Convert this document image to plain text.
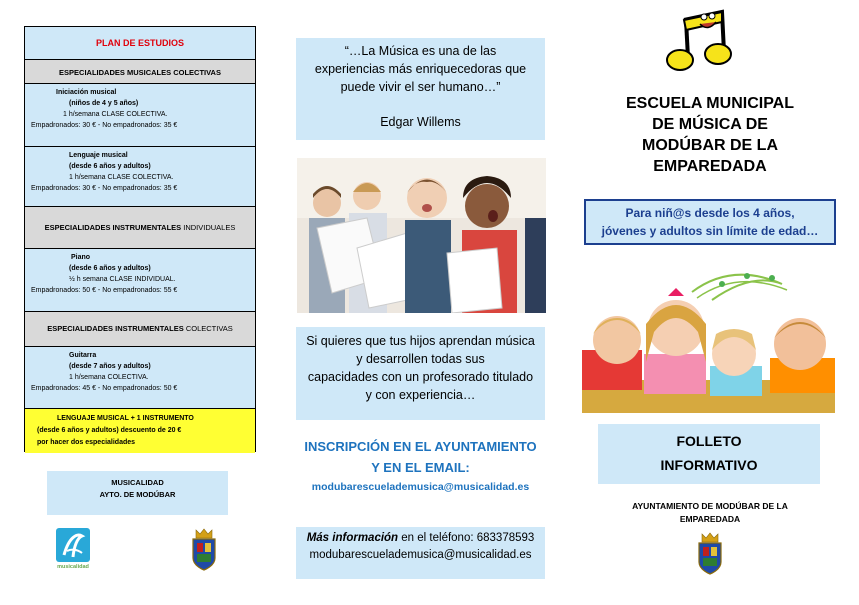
PLAN DE ESTUDIOS
ESPECIALIDADES MUSICALES COLECTIVAS
Iniciación musical
(niños de 4 y 5 años)
1 h/semana CLASE COLECTIVA.
Empadronados: 30 € - No empadronados: 35 €
Lenguaje musical
(desde 6 años y adultos)
1 h/semana CLASE COLECTIVA.
Empadronados: 30 € - No empadronados: 35 €
ESPECIALIDADES INSTRUMENTALES INDIVIDUALES
Piano
(desde 6 años y adultos)
½ h semana CLASE INDIVIDUAL.
Empadronados: 50 € - No empadronados: 55 €
ESPECIALIDADES INSTRUMENTALES COLECTIVAS
Guitarra
(desde 7 años y adultos)
1 h/semana COLECTIVA.
Empadronados: 45 € - No empadronados: 50 €
LENGUAJE MUSICAL + 1 INSTRUMENTO
(desde 6 años y adultos) descuento de 20 €
por hacer dos especialidades
MUSICALIDAD
AYTO. DE MODÚBAR
musicalidad
“…La Música es una de las
experiencias más enriquecedoras que
puede vivir el ser humano…”
Edgar Willems
Si quieres que tus hijos aprendan música
y desarrollen todas sus
capacidades con un profesorado titulado
y con experiencia…
INSCRIPCIÓN EN EL AYUNTAMIENTO
Y EN EL EMAIL:
modubarescuelademusica@musicalidad.es
Más información en el teléfono: 683378593
modubarescuelademusica@musicalidad.es
ESCUELA MUNICIPAL
DE MÚSICA DE
MODÚBAR DE LA
EMPAREDADA
Para niñ@s desde los 4 años,
jóvenes y adultos sin límite de edad…
FOLLETO
INFORMATIVO
AYUNTAMIENTO DE MODÚBAR DE LA
EMPAREDADA
